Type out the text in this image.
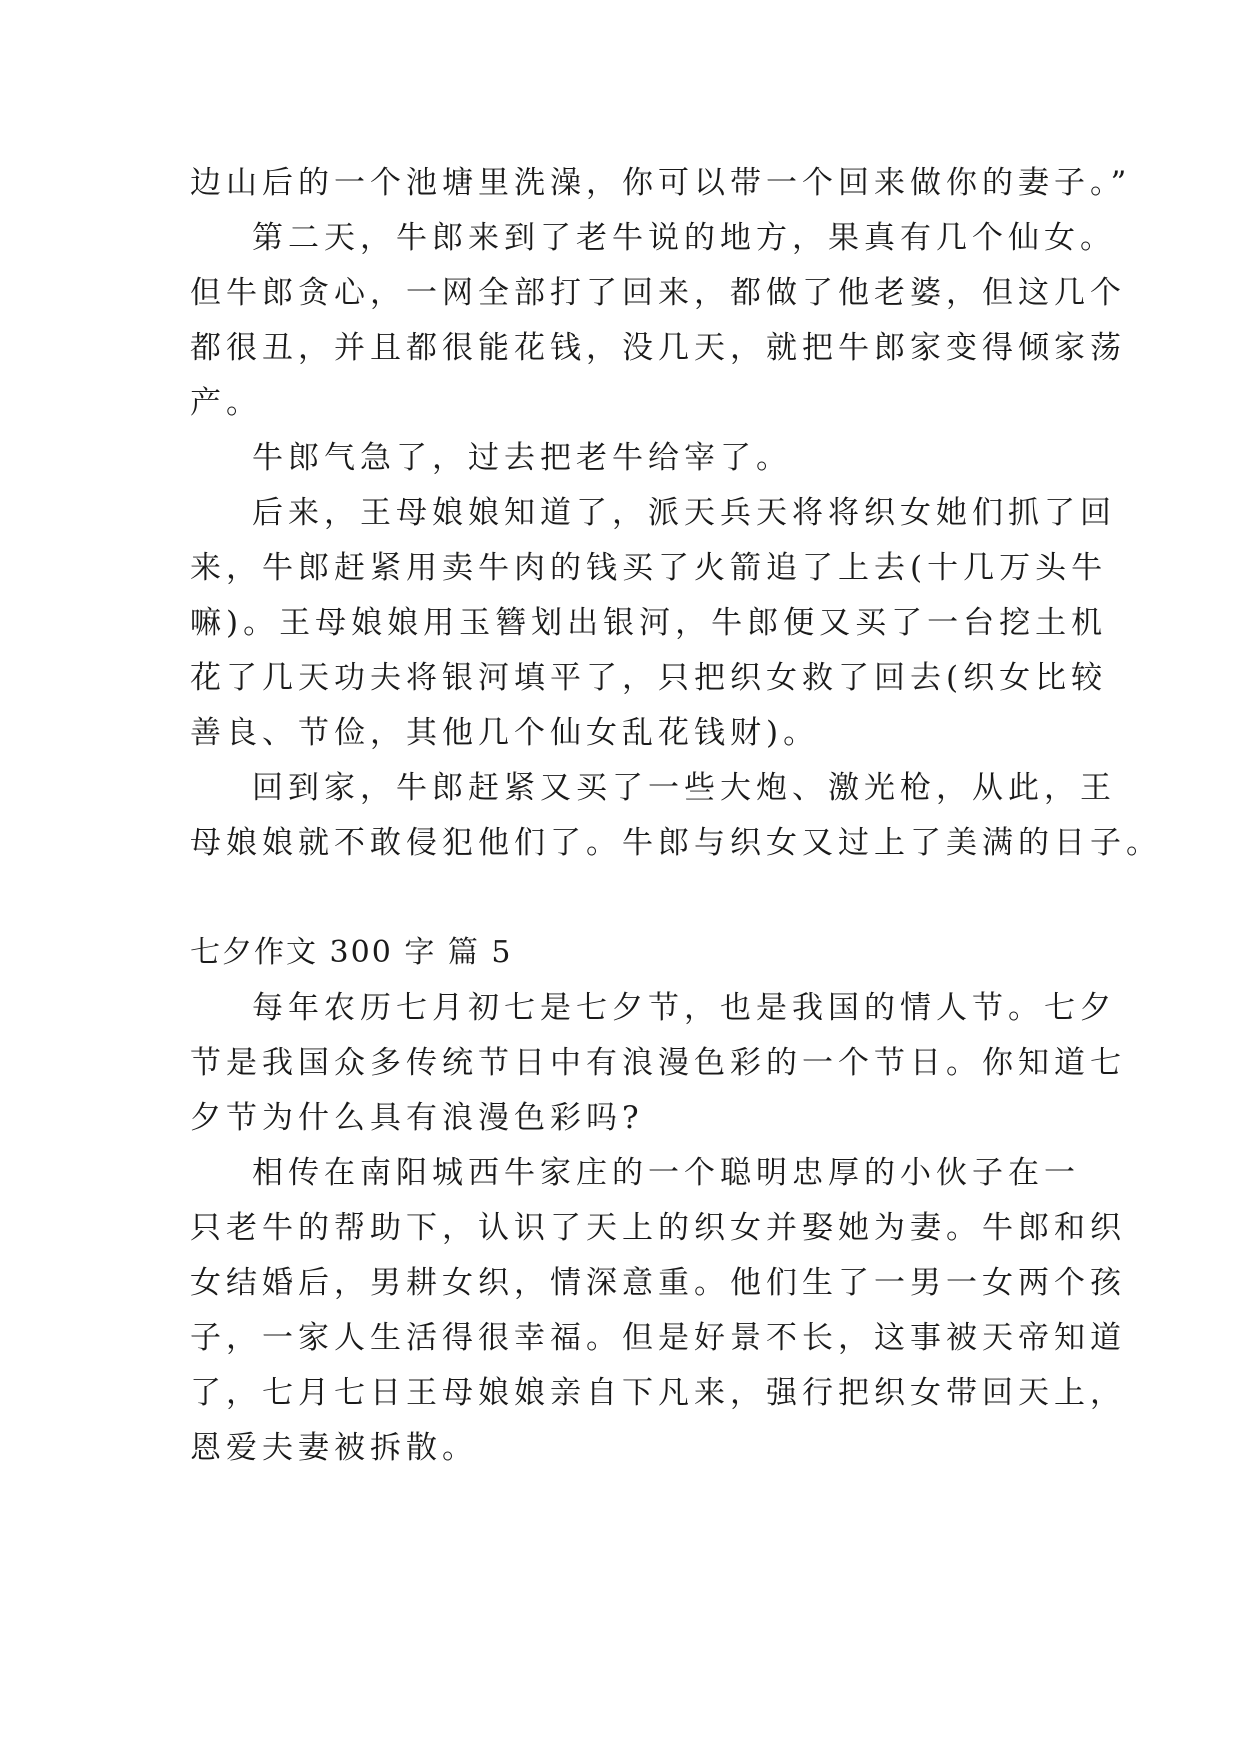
边山后的一个池塘里洗澡，你可以带一个回来做你的妻子。”
第二天，牛郎来到了老牛说的地方，果真有几个仙女。
但牛郎贪心，一网全部打了回来，都做了他老婆，但这几个
都很丑，并且都很能花钱，没几天，就把牛郎家变得倾家荡
产。
牛郎气急了，过去把老牛给宰了。
后来，王母娘娘知道了，派天兵天将将织女她们抓了回
来，牛郎赶紧用卖牛肉的钱买了火箭追了上去(十几万头牛
嘛)。王母娘娘用玉簪划出银河，牛郎便又买了一台挖土机
花了几天功夫将银河填平了，只把织女救了回去(织女比较
善良、节俭，其他几个仙女乱花钱财)。
回到家，牛郎赶紧又买了一些大炮、激光枪，从此，王
母娘娘就不敢侵犯他们了。牛郎与织女又过上了美满的日子。
七夕作文 300 字 篇 5
每年农历七月初七是七夕节，也是我国的情人节。七夕
节是我国众多传统节日中有浪漫色彩的一个节日。你知道七
夕节为什么具有浪漫色彩吗?
相传在南阳城西牛家庄的一个聪明忠厚的小伙子在一
只老牛的帮助下，认识了天上的织女并娶她为妻。牛郎和织
女结婚后，男耕女织，情深意重。他们生了一男一女两个孩
子，一家人生活得很幸福。但是好景不长，这事被天帝知道
了，七月七日王母娘娘亲自下凡来，强行把织女带回天上，
恩爱夫妻被拆散。
